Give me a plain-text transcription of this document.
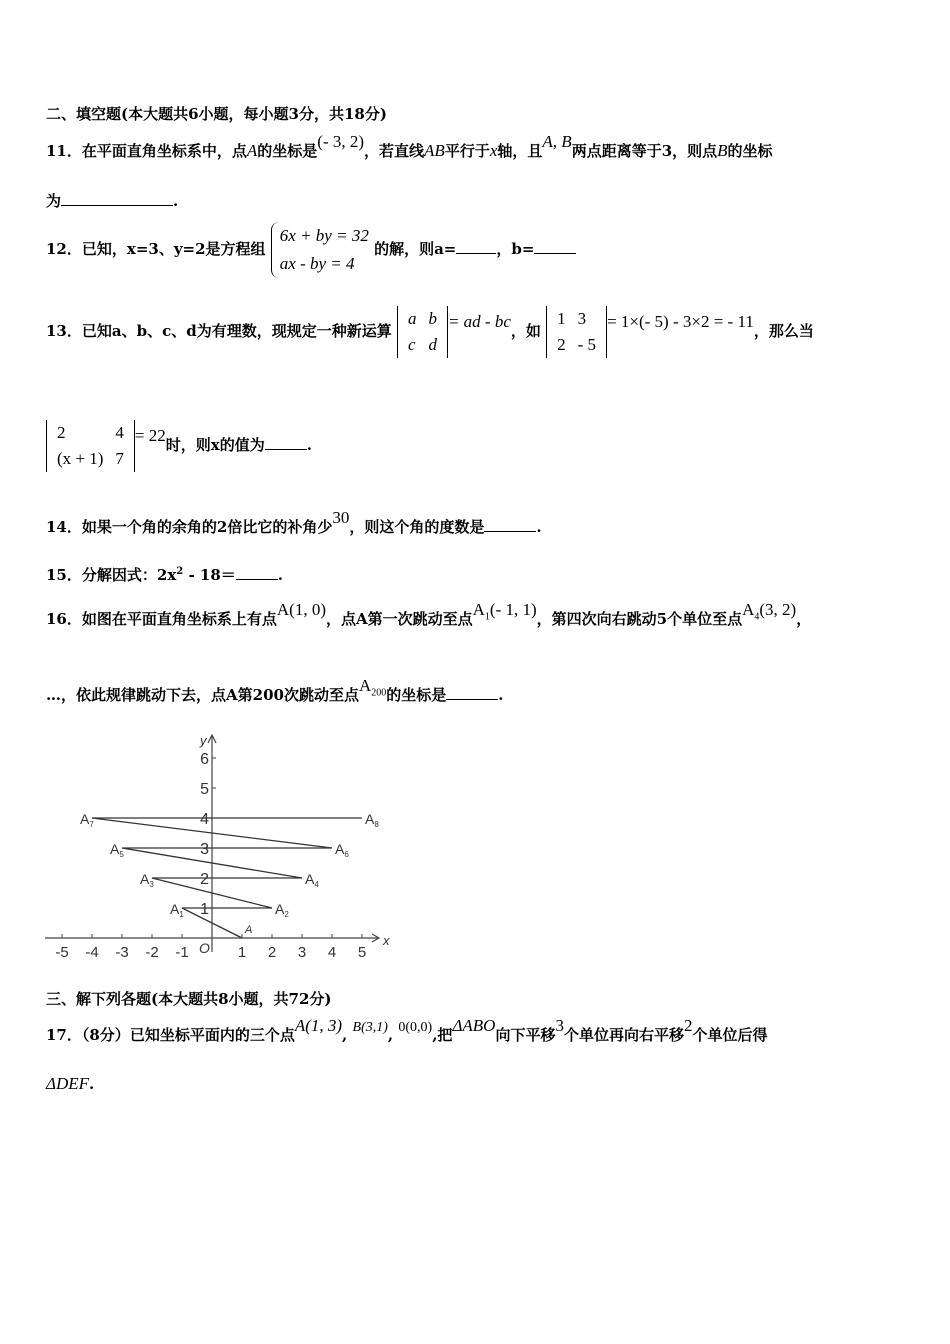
二、填空题(本大题共6小题，每小题3分，共18分)
11．在平面直角坐标系中，点A的坐标是(- 3, 2)，若直线AB平行于x轴，且A, B两点距离等于3，则点B的坐标
为	.
12．已知，x=3、y=2是方程组
6x + by = 32
ax - by = 4
的解，则a=	，b=
13．已知a、b、c、d为有理数，现规定一种新运算
a	b
c	d
= ad - bc，如
1	3
2	- 5
= 1×(- 5) - 3×2 = - 11，那么当
2	4
(x + 1)	7
= 22时，则x的值为	.
14．如果一个角的余角的2倍比它的补角少30，则这个角的度数是	.
15．分解因式：$2x^2 - 18=$	.
16．如图在平面直角坐标系上有点A(1, 0)，点A第一次跳动至点$A_1(-$ 1, 1)，第四次向右跳动5个单位至点$A_4(3$, 2)，
…，依此规律跳动下去，点A第200次跳动至点$A_{200}$的坐标是	.
x
y
O
-5 -4 -3 -2 -1	1 2 3 4 5
1
2
3
4
5
6
A
$A_1$	$A_2$
$A_3$	$A_4$
$A_5$	$A_6$
$A_7$	$A_8$
三、解下列各题(本大题共8小题，共72分)
17．（8分）已知坐标平面内的三个点A(1, 3), B(3,1), 0(0,0),把ΔABO向下平移3个单位再向右平移2个单位后得
ΔDEF.
